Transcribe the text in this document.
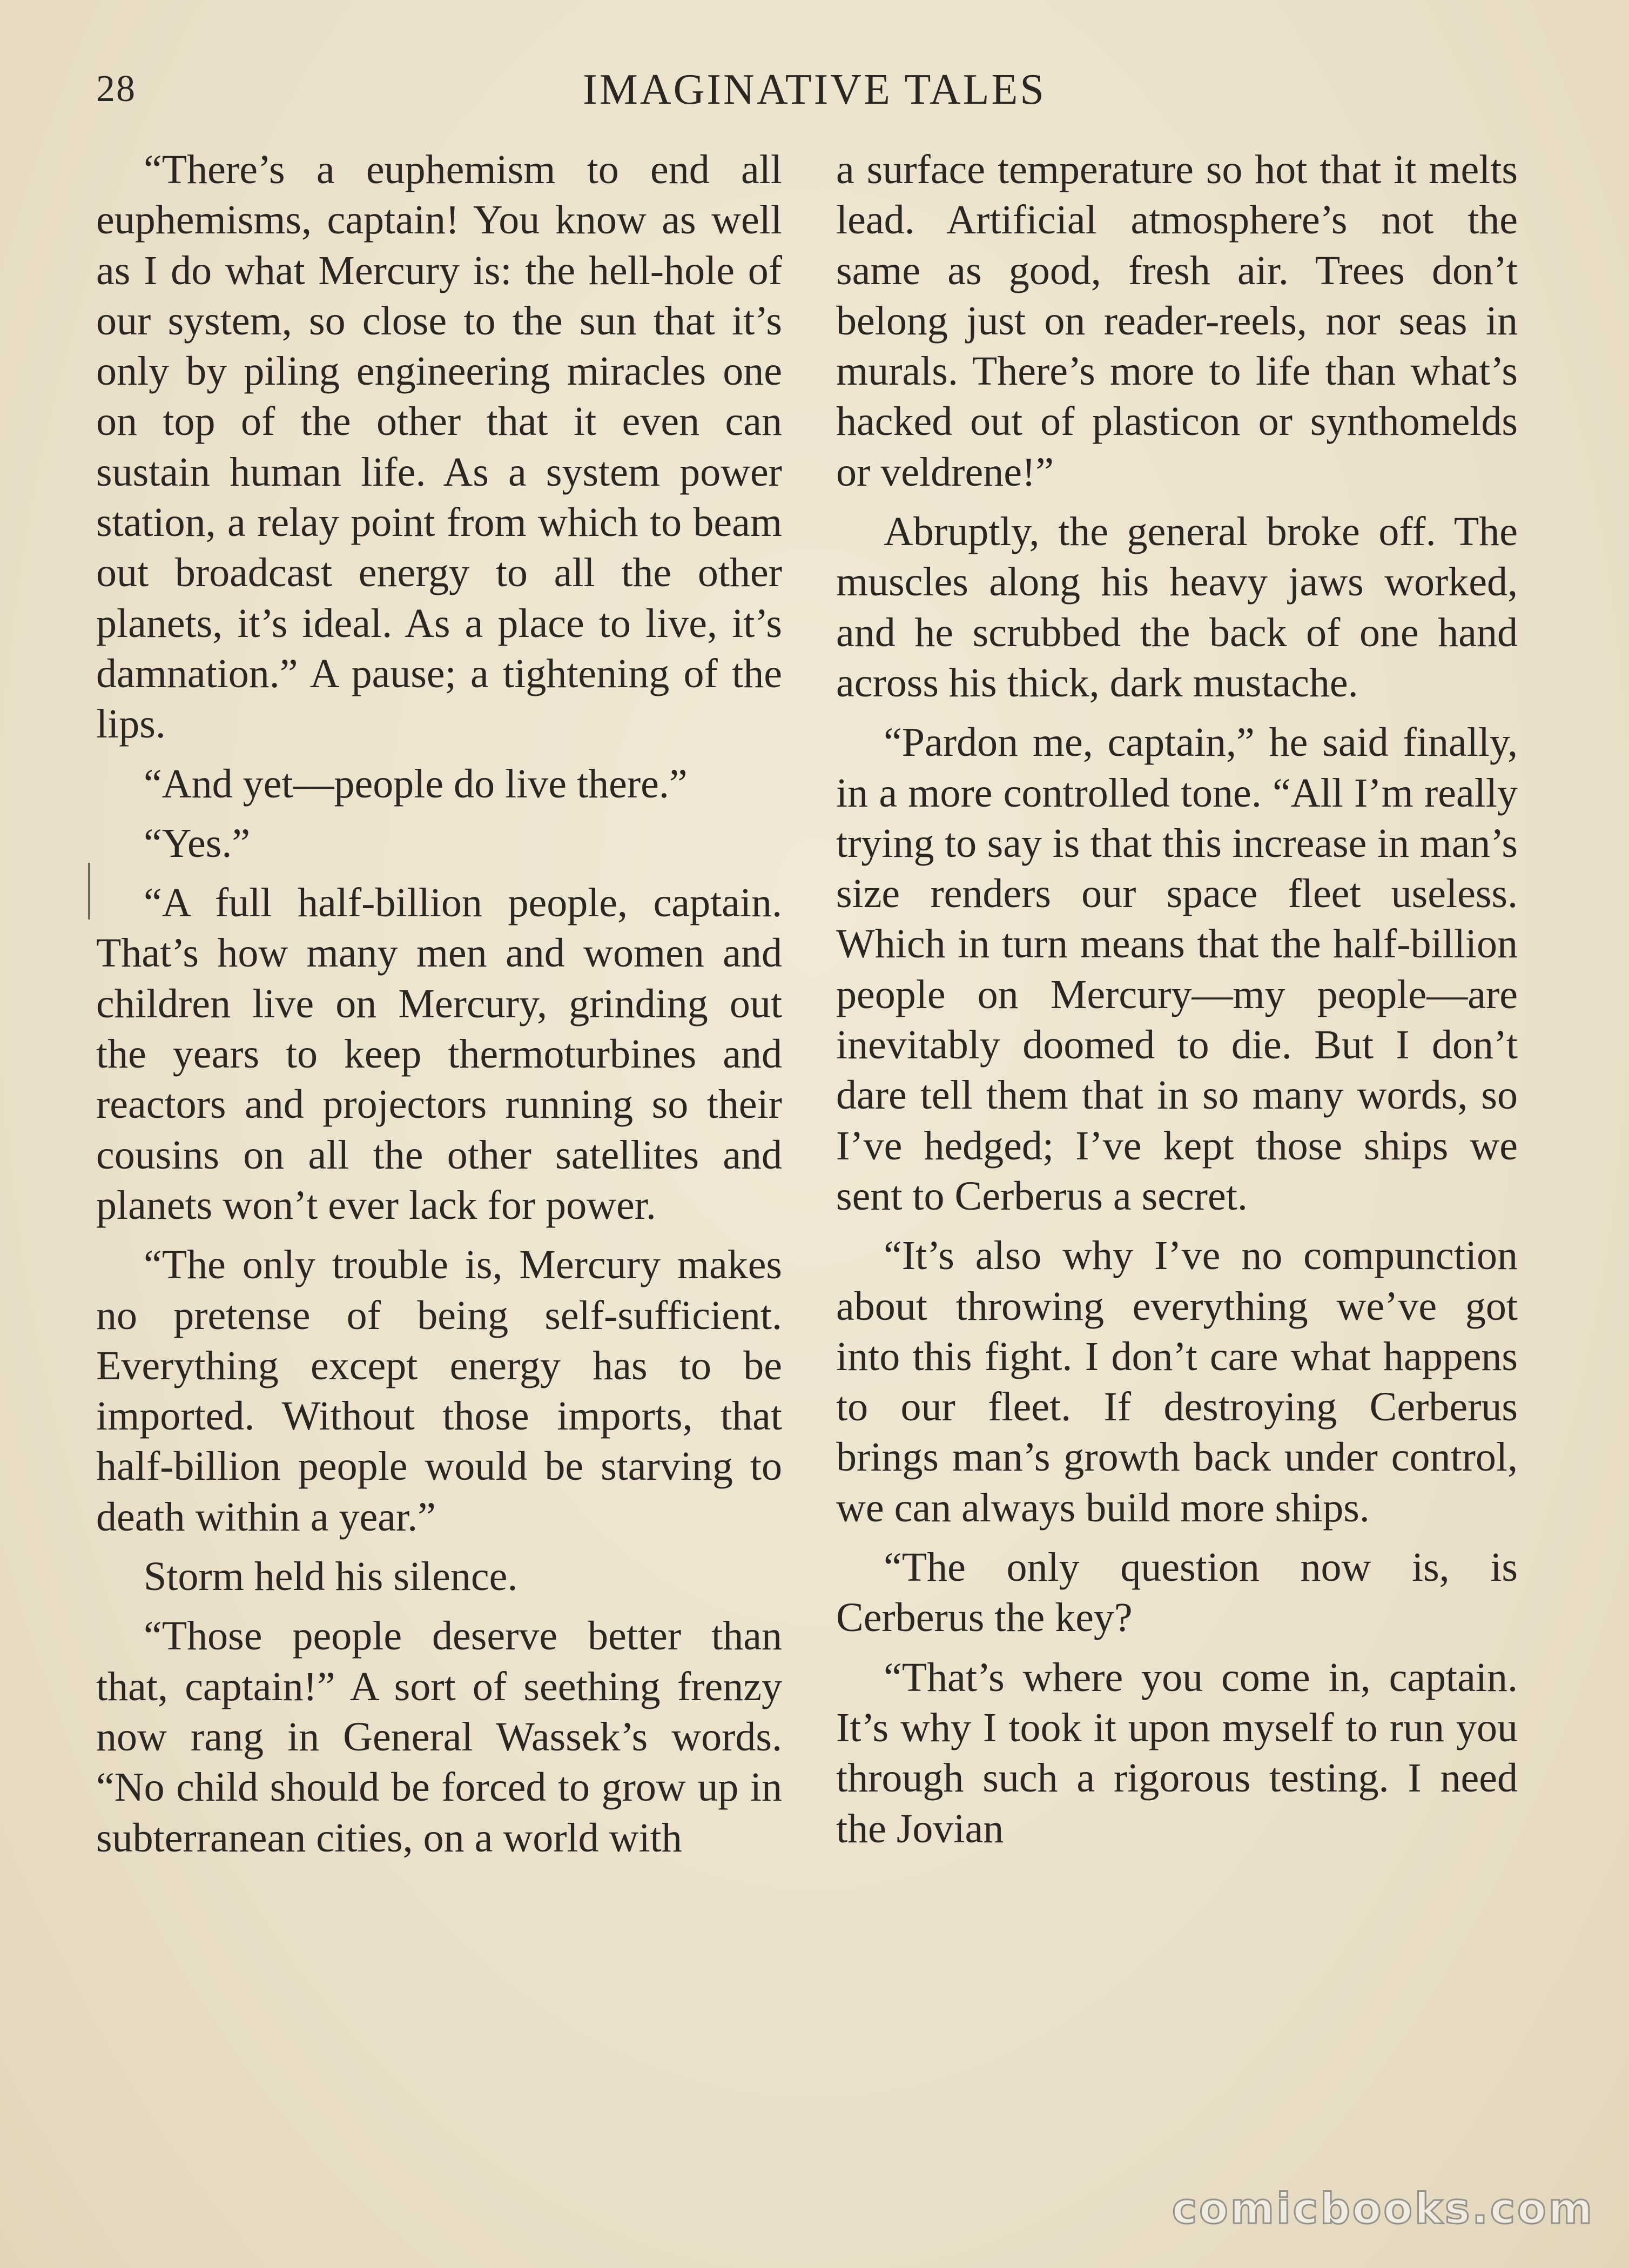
28	IMAGINATIVE TALES

“There’s a euphemism to end all euphemisms, captain! You know as well as I do what Mercury is: the hell-hole of our system, so close to the sun that it’s only by piling engineering miracles one on top of the other that it even can sustain human life. As a system power station, a relay point from which to beam out broadcast energy to all the other planets, it’s ideal. As a place to live, it’s damnation.” A pause; a tightening of the lips.

“And yet—people do live there.”

“Yes.”

“A full half-billion people, captain. That’s how many men and women and children live on Mercury, grinding out the years to keep thermoturbines and reactors and projectors running so their cousins on all the other satellites and planets won’t ever lack for power.

“The only trouble is, Mercury makes no pretense of being self-sufficient. Everything except energy has to be imported. Without those imports, that half-billion people would be starving to death within a year.”

Storm held his silence.

“Those people deserve better than that, captain!” A sort of seething frenzy now rang in General Wassek’s words. “No child should be forced to grow up in subterranean cities, on a world with

a surface temperature so hot that it melts lead. Artificial atmosphere’s not the same as good, fresh air. Trees don’t belong just on reader-reels, nor seas in murals. There’s more to life than what’s hacked out of plasticon or synthomelds or veldrene!”

Abruptly, the general broke off. The muscles along his heavy jaws worked, and he scrubbed the back of one hand across his thick, dark mustache.

“Pardon me, captain,” he said finally, in a more controlled tone. “All I’m really trying to say is that this increase in man’s size renders our space fleet useless. Which in turn means that the half-billion people on Mercury—my people—are inevitably doomed to die. But I don’t dare tell them that in so many words, so I’ve hedged; I’ve kept those ships we sent to Cerberus a secret.

“It’s also why I’ve no compunction about throwing everything we’ve got into this fight. I don’t care what happens to our fleet. If destroying Cerberus brings man’s growth back under control, we can always build more ships.

“The only question now is, is Cerberus the key?

“That’s where you come in, captain. It’s why I took it upon myself to run you through such a rigorous testing. I need the Jovian

comicbooks.com
